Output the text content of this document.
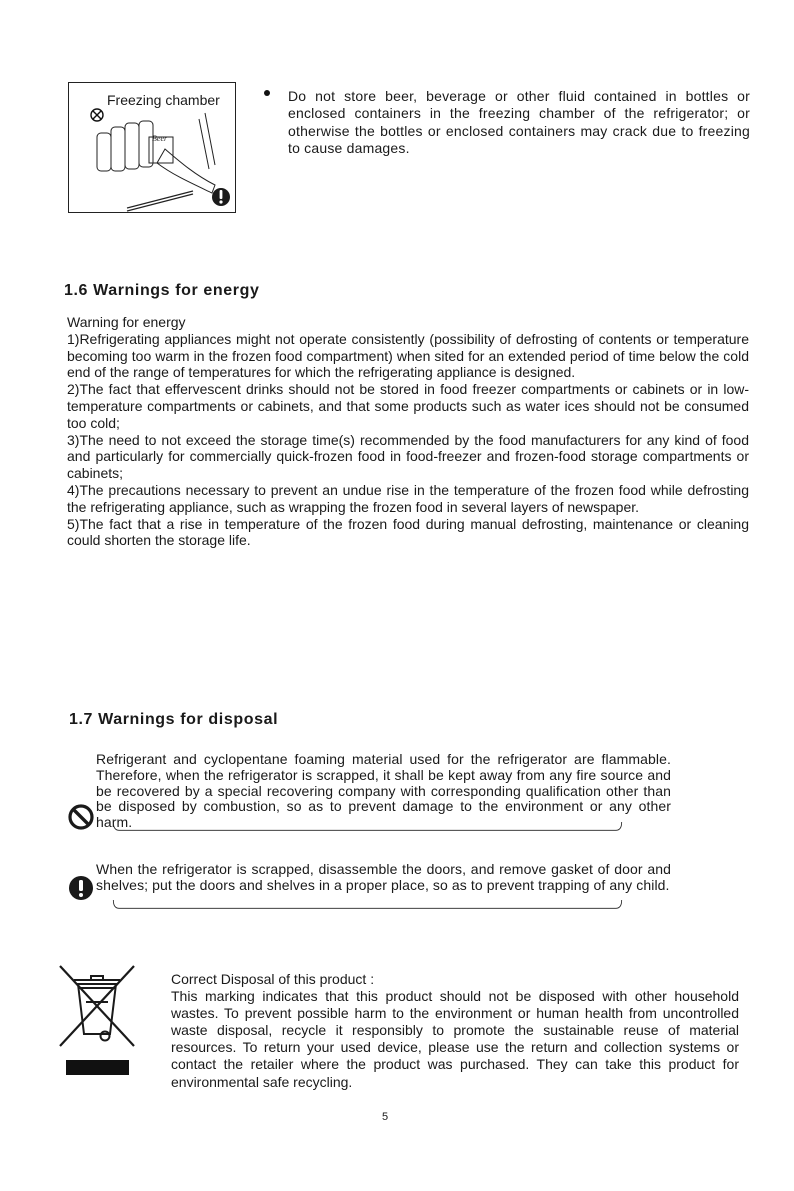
Beer
Freezing chamber	Do not store beer, beverage or other fluid contained in bottles or enclosed containers in the freezing chamber of the refrigerator; or otherwise the bottles or enclosed containers may crack due to freezing to cause damages.
1.6 Warnings for energy

Warning for energy

1)Refrigerating appliances might not operate consistently (possibility of defrosting of contents or temperature becoming too warm in the frozen food compartment) when sited for an extended period of time below the cold end of the range of temperatures for which the refrigerating appliance is designed.

2)The fact that effervescent drinks should not be stored in food freezer compartments or cabinets or in low-temperature compartments or cabinets, and that some products such as water ices should not be consumed too cold;

3)The need to not exceed the storage time(s) recommended by the food manufacturers for any kind of food and particularly for commercially quick-frozen food in food-freezer and frozen-food storage compartments or cabinets;

4)The precautions necessary to prevent an undue rise in the temperature of the frozen food while defrosting the refrigerating appliance, such as wrapping the frozen food in several layers of newspaper.

5)The fact that a rise in temperature of the frozen food during manual defrosting, maintenance or cleaning could shorten the storage life.

1.7 Warnings for disposal
Refrigerant and cyclopentane foaming material used for the refrigerator are flammable. Therefore, when the refrigerator is scrapped, it shall be kept away from any fire source and be recovered by a special recovering company with corresponding qualification other than be disposed by combustion, so as to prevent damage to the environment or any other harm.
When the refrigerator is scrapped, disassemble the doors, and remove gasket of door and shelves; put the doors and shelves in a proper place, so as to prevent trapping of any child.

Correct Disposal of this product :

This marking indicates that this product should not be disposed with other household wastes. To prevent possible harm to the environment or human health from uncontrolled waste disposal, recycle it responsibly to promote the sustainable reuse of material resources. To return your used device, please use the return and collection systems or contact the retailer where the product was purchased. They can take this product for environmental safe recycling.

5
